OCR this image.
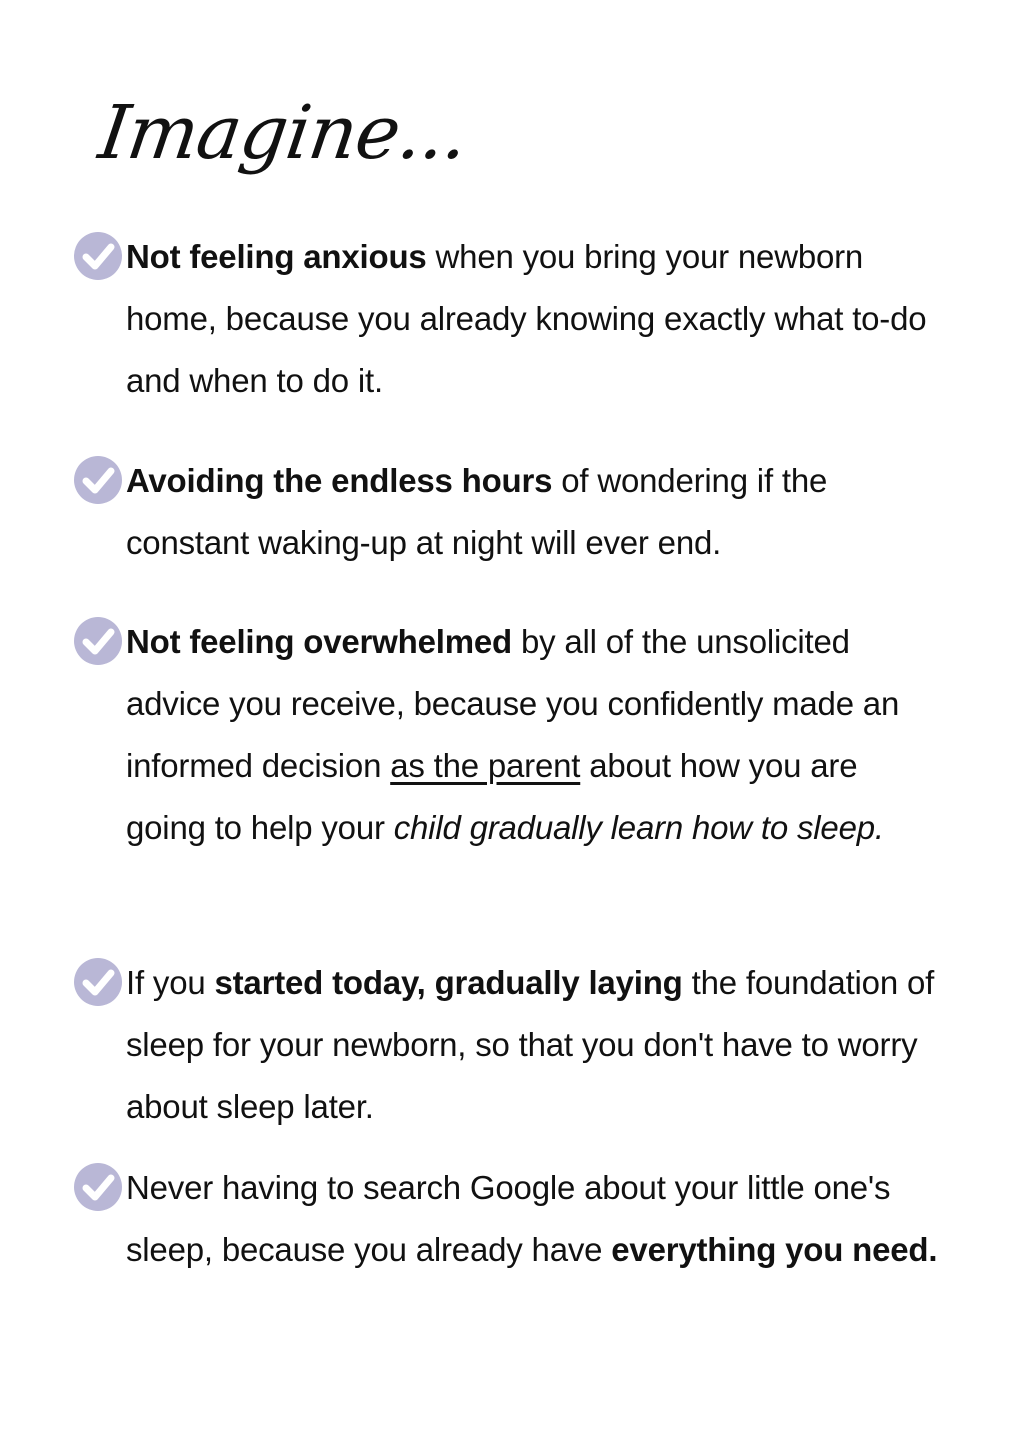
Imagine...
Not feeling anxious when you bring your newborn home, because you already knowing exactly what to-do and when to do it.
Avoiding the endless hours of wondering if the constant waking-up at night will ever end.
Not feeling overwhelmed by all of the unsolicited advice you receive, because you confidently made an informed decision as the parent about how you are going to help your child gradually learn how to sleep.
If you started today, gradually laying the foundation of sleep for your newborn, so that you don't have to worry about sleep later.
Never having to search Google about your little one's sleep, because you already have everything you need.
